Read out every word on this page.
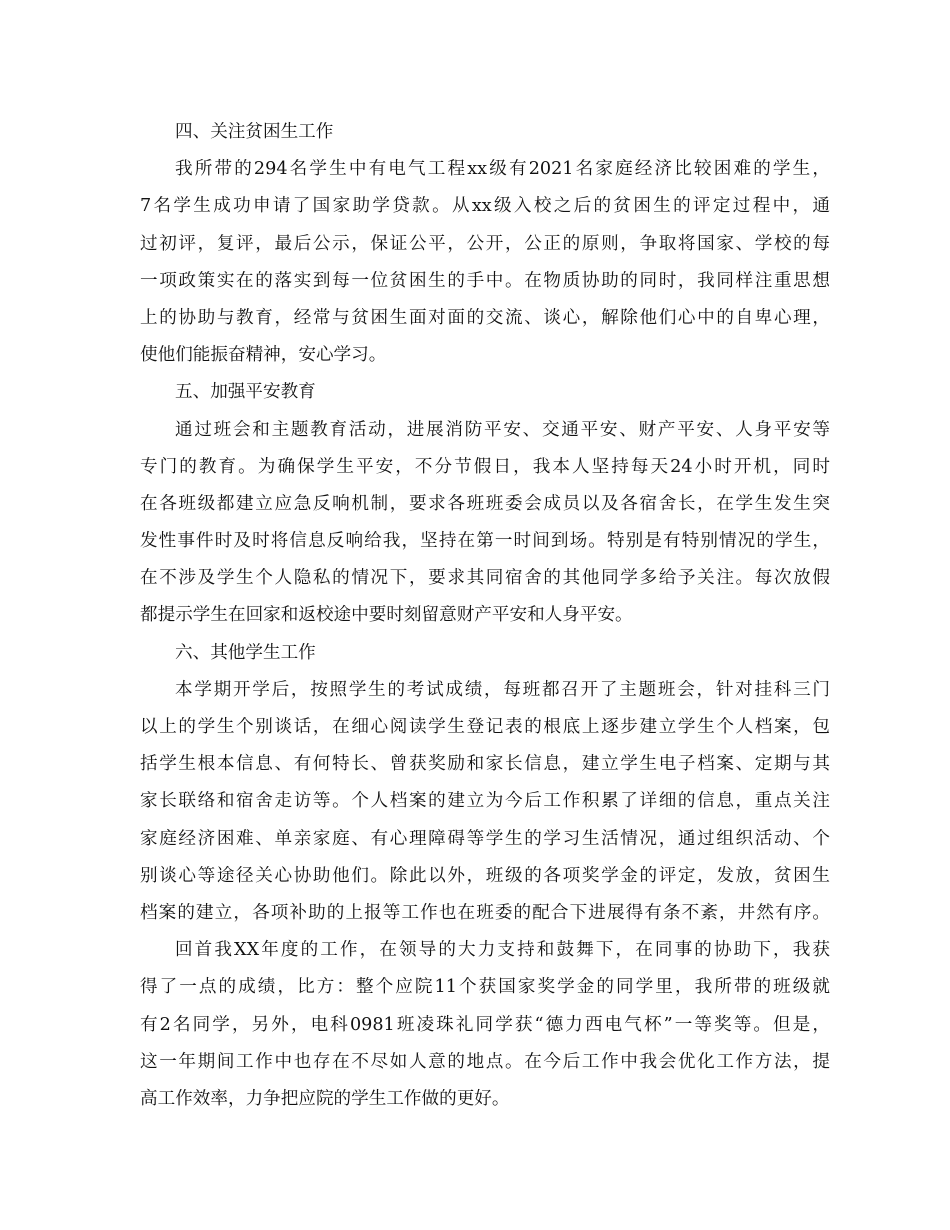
四、关注贫困生工作
我所带的294名学生中有电气工程xx级有2021名家庭经济比较困难的学生，
7名学生成功申请了国家助学贷款。从xx级入校之后的贫困生的评定过程中，通
过初评，复评，最后公示，保证公平，公开，公正的原则，争取将国家、学校的每
一项政策实在的落实到每一位贫困生的手中。在物质协助的同时，我同样注重思想
上的协助与教育，经常与贫困生面对面的交流、谈心，解除他们心中的自卑心理，
使他们能振奋精神，安心学习。
五、加强平安教育
通过班会和主题教育活动，进展消防平安、交通平安、财产平安、人身平安等
专门的教育。为确保学生平安，不分节假日，我本人坚持每天24小时开机，同时
在各班级都建立应急反响机制，要求各班班委会成员以及各宿舍长，在学生发生突
发性事件时及时将信息反响给我，坚持在第一时间到场。特别是有特别情况的学生，
在不涉及学生个人隐私的情况下，要求其同宿舍的其他同学多给予关注。每次放假
都提示学生在回家和返校途中要时刻留意财产平安和人身平安。
六、其他学生工作
本学期开学后，按照学生的考试成绩，每班都召开了主题班会，针对挂科三门
以上的学生个别谈话，在细心阅读学生登记表的根底上逐步建立学生个人档案，包
括学生根本信息、有何特长、曾获奖励和家长信息，建立学生电子档案、定期与其
家长联络和宿舍走访等。个人档案的建立为今后工作积累了详细的信息，重点关注
家庭经济困难、单亲家庭、有心理障碍等学生的学习生活情况，通过组织活动、个
别谈心等途径关心协助他们。除此以外，班级的各项奖学金的评定，发放，贫困生
档案的建立，各项补助的上报等工作也在班委的配合下进展得有条不紊，井然有序。
回首我XX年度的工作，在领导的大力支持和鼓舞下，在同事的协助下，我获
得了一点的成绩，比方：整个应院11个获国家奖学金的同学里，我所带的班级就
有2名同学，另外，电科0981班凌珠礼同学获“德力西电气杯”一等奖等。但是，
这一年期间工作中也存在不尽如人意的地点。在今后工作中我会优化工作方法，提
高工作效率，力争把应院的学生工作做的更好。
